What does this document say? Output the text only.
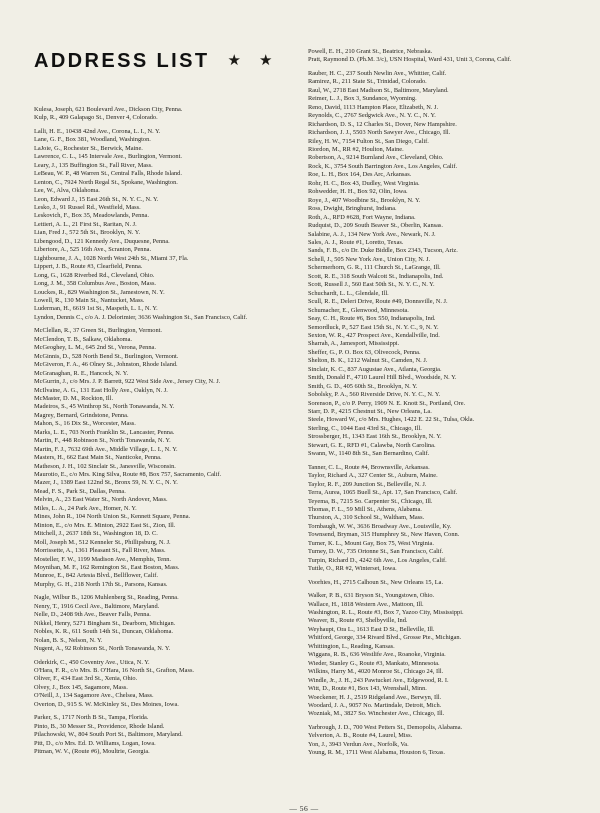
ADDRESS LIST ★ ★
Kulesa, Joseph, 621 Boulevard Ave., Dickson City, Penna.
Kulp, R., 409 Galapago St., Denver 4, Colorado.
Lalli, H. E., 10438 42nd Ave., Corona, L. I., N. Y.
Lane, G. F., Box 381, Woodland, Washington.
LaJoie, G., Rochester St., Berwick, Maine.
Lawrence, C. L., 145 Intervale Ave., Burlington, Vermont.
Leary, J., 135 Buffington St., Fall River, Mass.
LeBeau, W. P., 48 Warren St., Central Falls, Rhode Island.
Lenton, C., 7924 North Regal St., Spokane, Washington.
Lee, W., Alva, Oklahoma.
Leon, Edward J., 15 East 26th St., N. Y. C., N. Y.
Lesko, J., 91 Russel Rd., Westfield, Mass.
Leskovich, F., Box 35, Meadowlands, Penna.
Lettieri, A. L., 21 First St., Raritan, N. J.
Lian, Fred J., 572 5th St., Brooklyn, N. Y.
Libengood, D., 121 Kennedy Ave., Duquesne, Penna.
Libertore, A., 525 16th Ave., Scranton, Penna.
Lightbourne, J. A., 1028 North West 24th St., Miami 37, Fla.
Lippert, J. B., Route #3, Clearfield, Penna.
Long, G., 1628 Riverbed Rd., Cleveland, Ohio.
Long, J. M., 358 Columbus Ave., Boston, Mass.
Louckes, R., 829 Washington St., Jamestown, N. Y.
Lowell, R., 130 Main St., Nantucket, Mass.
Luderman, H., 6619 1st St., Maspeth, L. I., N. Y.
Lyndon, Dennis C., c/o A. J. Delorimier, 3636 Washington St., San Francisco, Calif.
McClellan, R., 37 Green St., Burlington, Vermont.
McClendon, T. B., Salkaw, Oklahoma.
McGeoghey, L. M., 645 2nd St., Verona, Penna.
McGinnis, D., 528 North Bend St., Burlington, Vermont.
McGiveron, F. A., 46 Olney St., Johnston, Rhode Island.
McGranaghan, R. E., Hancock, N. Y.
McGurrin, J., c/o Mrs. J. P. Barrett, 922 West Side Ave., Jersey City, N. J.
McIlvaine, A. G., 131 East Holly Ave., Oaklyn, N. J.
McMaster, D. M., Rockton, Ill.
Madeiros, S., 45 Winthrop St., North Tonawanda, N. Y.
Magrey, Bernard, Grindstone, Penna.
Mahon, S., 16 Dix St., Worcester, Mass.
Marks, L. E., 703 North Franklin St., Lancaster, Penna.
Martin, F., 448 Robinson St., North Tonawanda, N. Y.
Martin, F. J., 7632 69th Ave., Middle Village, L. I., N. Y.
Masters, H., 662 East Main St., Nanticoke, Penna.
Matheson, J. H., 102 Sinclair St., Janesville, Wisconsin.
Maurotio, E., c/o Mrs. King Silva, Route #8, Box 757, Sacramento, Calif.
Mazer, J., 1389 East 122nd St., Bronx 59, N. Y. C., N. Y.
Mead, F. S., Park St., Dallas, Penna.
Melvin, A., 23 East Water St., North Andover, Mass.
Miles, L. A., 24 Park Ave., Homer, N. Y.
Mines, John R., 104 North Union St., Kennett Square, Penna.
Minton, E., c/o Mrs. E. Minton, 2922 East St., Zion, Ill.
Mitchell, J., 2637 18th St., Washington 18, D. C.
Moll, Joseph M., 512 Kenneler St., Phillipsburg, N. J.
Morrissette, A., 1361 Pleasant St., Fall River, Mass.
Mosteller, F. W., 1199 Madison Ave., Memphis, Tenn.
Moynihan, M. F., 162 Remington St., East Boston, Mass.
Munroe, E., 842 Artesia Blvd., Bellflower, Calif.
Murphy, G. H., 218 North 17th St., Parsons, Kansas.
Nagle, Wilbur B., 1206 Muhlenberg St., Reading, Penna.
Nenry, T., 1916 Cecil Ave., Baltimore, Maryland.
Nelle, D., 2408 9th Ave., Beaver Falls, Penna.
Nikkel, Henry, 5271 Bingham St., Dearborn, Michigan.
Nobles, K. R., 611 South 14th St., Duncan, Oklahoma.
Nolan, B. S., Nelson, N. Y.
Nugent, A., 92 Robinson St., North Tonawanda, N. Y.
Oderkirk, C., 450 Coventry Ave., Utica, N. Y.
O'Hara, F. R., c/o Mrs. B. O'Hara, 16 North St., Grafton, Mass.
Oliver, F., 434 East 3rd St., Xenia, Ohio.
Olvey, J., Box 145, Sagamore, Mass.
O'Neill, J., 134 Sagamore Ave., Chelsea, Mass.
Overton, D., 915 S. W. McKinley St., Des Moines, Iowa.
Parker, S., 1717 North B St., Tampa, Florida.
Pinto, B., 30 Messer St., Providence, Rhode Island.
Pilachowski, W., 804 South Port St., Baltimore, Maryland.
Pitt, D., c/o Mrs. Ed. D. Williams, Logan, Iowa.
Pitman, W. V., (Route #6), Moultrie, Georgia.
Powell, E. H., 210 Grant St., Beatrice, Nebraska.
Pratt, Raymond D. (Ph.M. 3/c), USN Hospital, Ward 431, Unit 3, Corona, Calif.
Rauber, H. C., 237 South Newlin Ave., Whittier, Calif.
Ramirez, R., 211 State St., Trinidad, Colorado.
Raul, W., 2718 East Madison St., Baltimore, Maryland.
Reimer, L. J., Box 3, Sundance, Wyoming.
Reno, David, 1113 Hampton Place, Elizabeth, N. J.
Reynolds, C., 2767 Sedgwick Ave., N. Y. C., N. Y.
Richardson, D. S., 12 Charles St., Dover, New Hampshire.
Richardson, J. J., 5503 North Sawyer Ave., Chicago, Ill.
Riley, H. W., 7154 Fulton St., San Diego, Calif.
Riordon, M., RR #2, Houlton, Maine.
Robertson, A., 9214 Burnland Ave., Cleveland, Ohio.
Rock, K., 3754 South Barrington Ave., Los Angeles, Calif.
Roe, L. H., Box 164, Des Arc, Arkansas.
Rohr, H. C., Box 43, Dudley, West Virginia.
Rohwedder, H. H., Box 92, Olin, Iowa.
Roye, J., 407 Woodbine St., Brooklyn, N. Y.
Ross, Dwight, Bringhurst, Indiana.
Roth, A., RFD #628, Fort Wayne, Indiana.
Rudquist, D., 209 South Beaver St., Oberlin, Kansas.
Salabine, A. J., 134 New York Ave., Newark, N. J.
Sales, A. J., Route #1, Loretto, Texas.
Sands, F. B., c/o Dr. Duke Biddle, Box 2343, Tucson, Ariz.
Schell, J., 505 New York Ave., Union City, N. J.
Schermerhorn, G. R., 111 Church St., LaGrange, Ill.
Scott, R. E., 318 South Walcott St., Indianapolis, Ind.
Scott, Russell J., 560 East 50th St., N. Y. C., N. Y.
Schuchardt, L. L., Glendale, Ill.
Scull, R. E., Deleri Drive, Route #49, Donnsville, N. J.
Schumacher, E., Glenwood, Minnesota.
Seay, C. H., Route #6, Box 550, Indianapolis, Ind.
Semordluck, P., 527 East 15th St., N. Y. C., 9, N. Y.
Sexton, W. R., 427 Prospect Ave., Kendallville, Ind.
Sharrah, A., Jamesport, Mississippi.
Sheffer, G., P. O. Box 63, Olivecock, Penna.
Shelton, B. K., 1212 Walnut St., Camden, N. J.
Sinclair, K. C., 837 Augustae Ave., Atlanta, Georgia.
Smith, Donald F., 4710 Laurel Hill Blvd., Woodside, N. Y.
Smith, G. D., 405 60th St., Brooklyn, N. Y.
Sobolsky, P. A., 560 Riverside Drive, N. Y. C., N. Y.
Sorenson, P., c/o P. Perry, 1909 N. E. Knott St., Portland, Ore.
Starr, D. P., 4215 Chestnut St., New Orleans, La.
Steele, Howard W., c/o Mrs. Hughes, 1422 E. 22 St., Tulsa, Okla.
Sterling, C., 1044 East 43rd St., Chicago, Ill.
Strossberger, H., 1343 East 16th St., Brooklyn, N. Y.
Stewart, G. E., RFD #1, Calawba, North Carolina.
Swann, W., 1140 8th St., San Bernardino, Calif.
Tanner, C. L., Route #4, Brownsville, Arkansas.
Taylor, Richard A., 327 Center St., Auburn, Maine.
Taylor, R. F., 209 Junction St., Belleville, N. J.
Terra, Aurea, 1065 Buell St., Apt. 17, San Francisco, Calif.
Teyema, B., 7215 So. Carpenter St., Chicago, Ill.
Thomas, F. L., 59 Mill St., Athens, Alabama.
Thurston, A., 310 School St., Waltham, Mass.
Tornbaugh, W. W., 3636 Broadway Ave., Louisville, Ky.
Townsend, Bryman, 315 Humphrey St., New Haven, Conn.
Turner, K. L., Mount Gay, Box 75, West Virginia.
Turney, D. W., 735 Ortonne St., San Francisco, Calif.
Turpin, Richard D., 4242 6th Ave., Los Angeles, Calif.
Tuttle, O., RR #2, Winterset, Iowa.
Voorhies, H., 2715 Calhoun St., New Orleans 15, La.
Walker, P. B., 631 Bryson St., Youngstown, Ohio.
Wallace, H., 1818 Western Ave., Mattoon, Ill.
Washington, R. L., Route #3, Box 7, Yazoo City, Mississippi.
Weaver, B., Route #3, Shelbyville, Ind.
Weyhaupt, Ora L., 1613 East D St., Belleville, Ill.
Whitford, George, 334 Rivard Blvd., Grosse Pte., Michigan.
Whittington, L., Reading, Kansas.
Wiggans, R. B., 636 Westlife Ave., Roanoke, Virginia.
Wieder, Stanley G., Route #3, Mankato, Minnesota.
Wilkins, Harry M., 4020 Monroe St., Chicago 24, Ill.
Windle, Jr., J. H., 243 Pawtucket Ave., Edgewood, R. I.
Witt, D., Route #1, Box 143, Wrenshall, Minn.
Woeckener, H. J., 2519 Ridgeland Ave., Berwyn, Ill.
Woodard, J. A., 9057 No. Martindale, Detroit, Mich.
Wozniak, M., 3827 So. Winchester Ave., Chicago, Ill.
Yarbrough, J. D., 700 West Petters St., Demopolis, Alabama.
Yelverton, A. B., Route #4, Laurel, Miss.
Yon, J., 3943 Verdun Ave., Norfolk, Va.
Young, R. M., 1711 West Alabama, Houston 6, Texas.
— 56 —
